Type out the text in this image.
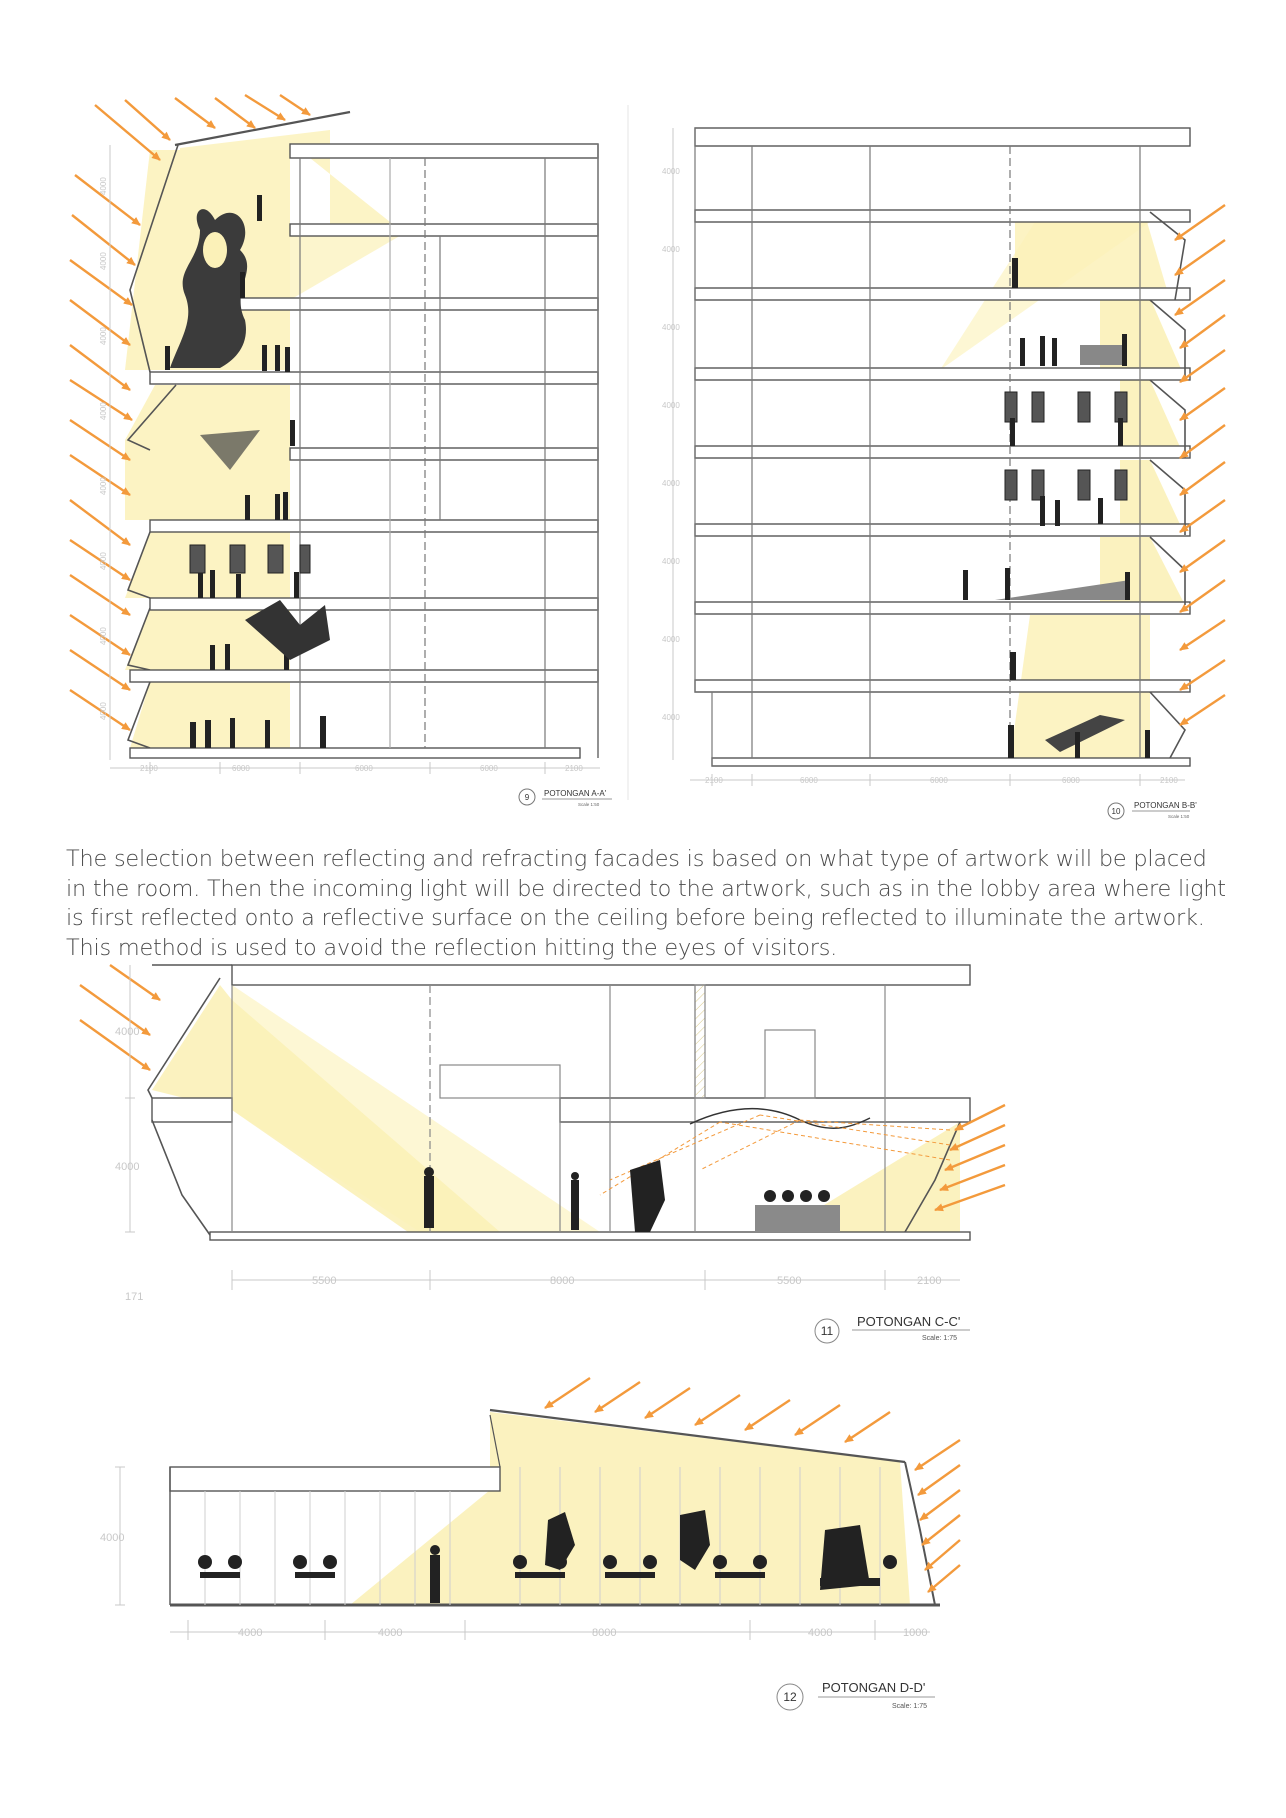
2100	6000	6000	6000	2100
4000
4000
4000
4000
4000
4000
4000
4000
9 POTONGAN A-A'
Scale 1:50
2100	6000	6000	6000	2100
4000
4000
4000
4000
4000
4000
4000
4000
10
POTONGAN B-B'
Scale 1:50
5500	8000	5500	2100
4000
4000
171
11
POTONGAN C-C'
Scale: 1:75
4000	4000	8000	4000	1000
4000
12
POTONGAN D-D'
Scale: 1:75

The selection between reflecting and refracting facades is based on what type of artwork will be placed in the room. Then the incoming light will be directed to the artwork, such as in the lobby area where light is first reflected onto a reflective surface on the ceiling before being reflected to illuminate the artwork. This method is used to avoid the reflection hitting the eyes of visitors.
